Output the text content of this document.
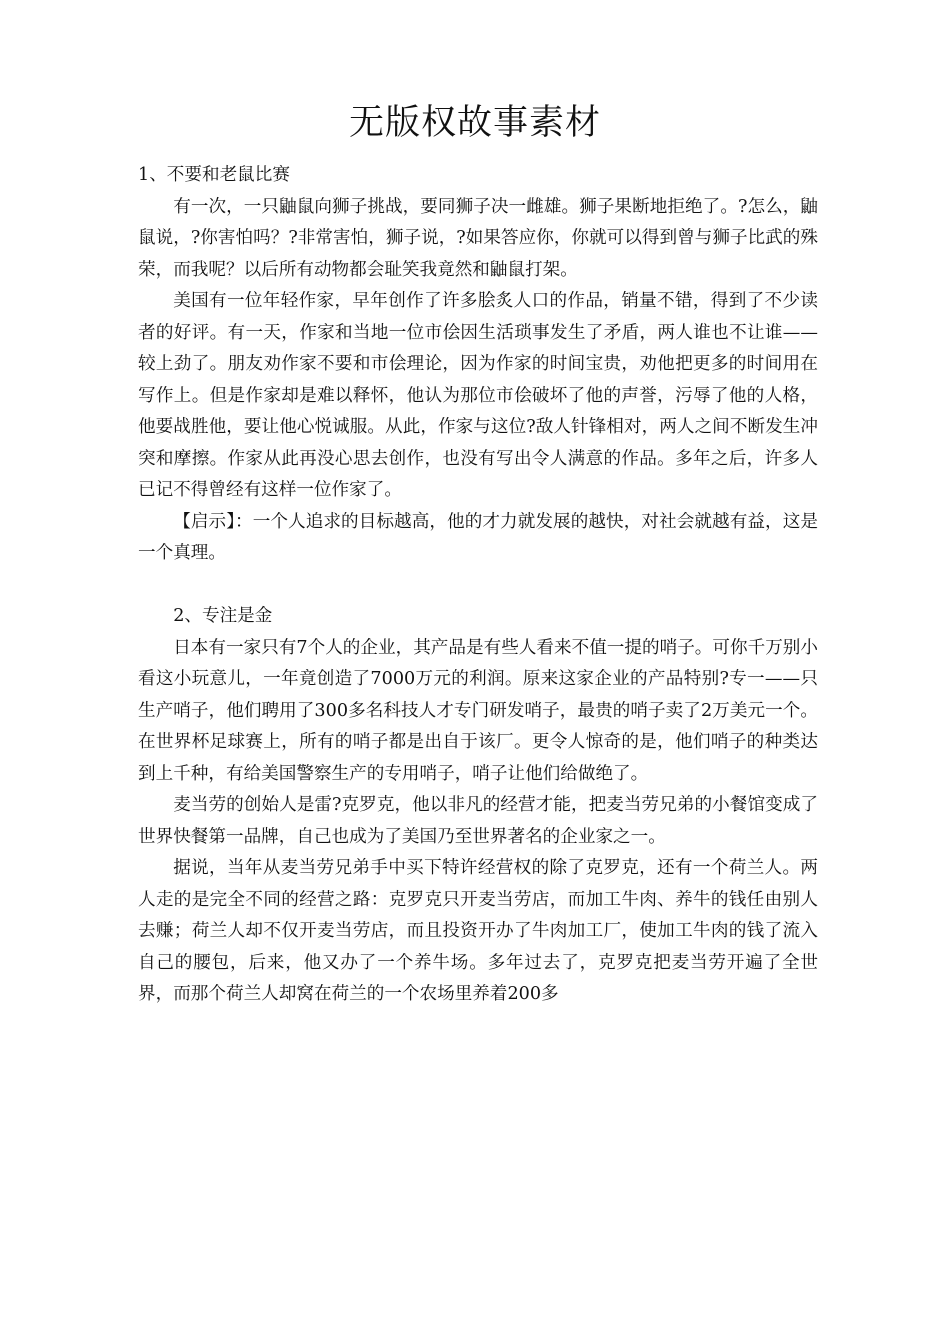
无版权故事素材

1、不要和老鼠比赛

有一次，一只鼬鼠向狮子挑战，要同狮子决一雌雄。狮子果断地拒绝了。?怎么，鼬鼠说，?你害怕吗？?非常害怕，狮子说，?如果答应你，你就可以得到曾与狮子比武的殊荣，而我呢？以后所有动物都会耻笑我竟然和鼬鼠打架。

美国有一位年轻作家，早年创作了许多脍炙人口的作品，销量不错，得到了不少读者的好评。有一天，作家和当地一位市侩因生活琐事发生了矛盾，两人谁也不让谁——较上劲了。朋友劝作家不要和市侩理论，因为作家的时间宝贵，劝他把更多的时间用在写作上。但是作家却是难以释怀，他认为那位市侩破坏了他的声誉，污辱了他的人格，他要战胜他，要让他心悦诚服。从此，作家与这位?敌人针锋相对，两人之间不断发生冲突和摩擦。作家从此再没心思去创作，也没有写出令人满意的作品。多年之后，许多人已记不得曾经有这样一位作家了。

【启示】：一个人追求的目标越高，他的才力就发展的越快，对社会就越有益，这是一个真理。

2、专注是金

日本有一家只有7个人的企业，其产品是有些人看来不值一提的哨子。可你千万别小看这小玩意儿，一年竟创造了7000万元的利润。原来这家企业的产品特别?专一——只生产哨子，他们聘用了300多名科技人才专门研发哨子，最贵的哨子卖了2万美元一个。在世界杯足球赛上，所有的哨子都是出自于该厂。更令人惊奇的是，他们哨子的种类达到上千种，有给美国警察生产的专用哨子，哨子让他们给做绝了。

麦当劳的创始人是雷?克罗克，他以非凡的经营才能，把麦当劳兄弟的小餐馆变成了世界快餐第一品牌，自己也成为了美国乃至世界著名的企业家之一。

据说，当年从麦当劳兄弟手中买下特许经营权的除了克罗克，还有一个荷兰人。两人走的是完全不同的经营之路：克罗克只开麦当劳店，而加工牛肉、养牛的钱任由别人去赚；荷兰人却不仅开麦当劳店，而且投资开办了牛肉加工厂，使加工牛肉的钱了流入自己的腰包，后来，他又办了一个养牛场。多年过去了，克罗克把麦当劳开遍了全世界，而那个荷兰人却窝在荷兰的一个农场里养着200多
